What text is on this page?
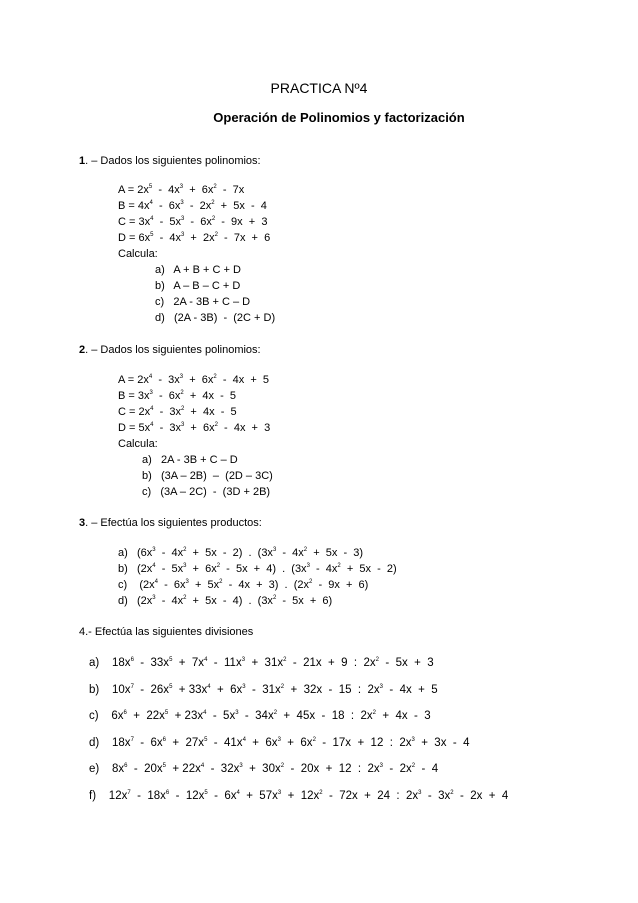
PRACTICA Nº4
Operación de Polinomios y factorización
1. – Dados los siguientes polinomios:
$A = 2x^5 - 4x^3 + 6x^2 - 7x$
$B = 4x^4 - 6x^3 - 2x^2 + 5x - 4$
$C = 3x^4 - 5x^3 - 6x^2 - 9x + 3$
$D = 6x^5 - 4x^3 + 2x^2 - 7x + 6$
Calcula:
a)   A + B + C + D
b)   A – B – C + D
c)   2A - 3B + C – D
d)   (2A - 3B)  -  (2C + D)
2. – Dados los siguientes polinomios:
$A = 2x^4 - 3x^3 + 6x^2 - 4x + 5$
$B = 3x^3 - 6x^2 + 4x - 5$
$C = 2x^4 - 3x^2 + 4x - 5$
$D = 5x^4 - 3x^3 + 6x^2 - 4x + 3$
Calcula:
a)   2A - 3B + C – D
b)   (3A – 2B)  –  (2D – 3C)
c)   (3A – 2C)  -  (3D + 2B)
3. – Efectúa los siguientes productos:
a)   $(6x^3 - 4x^2 + 5x - 2)$  .  $(3x^3 - 4x^2 + 5x - 3)$
b)   $(2x^4 - 5x^3 + 6x^2 - 5x + 4)$  .  $(3x^3 - 4x^2 + 5x - 2)$
c)    $(2x^4 - 6x^3 + 5x^2 - 4x + 3)$  .  $(2x^2 - 9x + 6)$
d)   $(2x^3 - 4x^2 + 5x - 4)$  .  $(3x^2 - 5x + 6)$
4.- Efectúa las siguientes divisiones
a)    $18x^6 - 33x^5 + 7x^4 - 11x^3 + 31x^2 - 21x + 9$  :  $2x^2 - 5x + 3$
b)    $10x^7 - 26x^5 + 33x^4 + 6x^3 - 31x^2 + 32x - 15$  :  $2x^3 - 4x + 5$
c)    $6x^6 + 22x^5 + 23x^4 - 5x^3 - 34x^2 + 45x - 18$  :  $2x^2 + 4x - 3$
d)    $18x^7 - 6x^6 + 27x^5 - 41x^4 + 6x^3 + 6x^2 - 17x + 12$  :  $2x^3 + 3x - 4$
e)    $8x^6 - 20x^5 + 22x^4 - 32x^3 + 30x^2 - 20x + 12$  :  $2x^3 - 2x^2 - 4$
f)    $12x^7 - 18x^6 - 12x^5 - 6x^4 + 57x^3 + 12x^2 - 72x + 24$  :  $2x^3 - 3x^2 - 2x + 4$
